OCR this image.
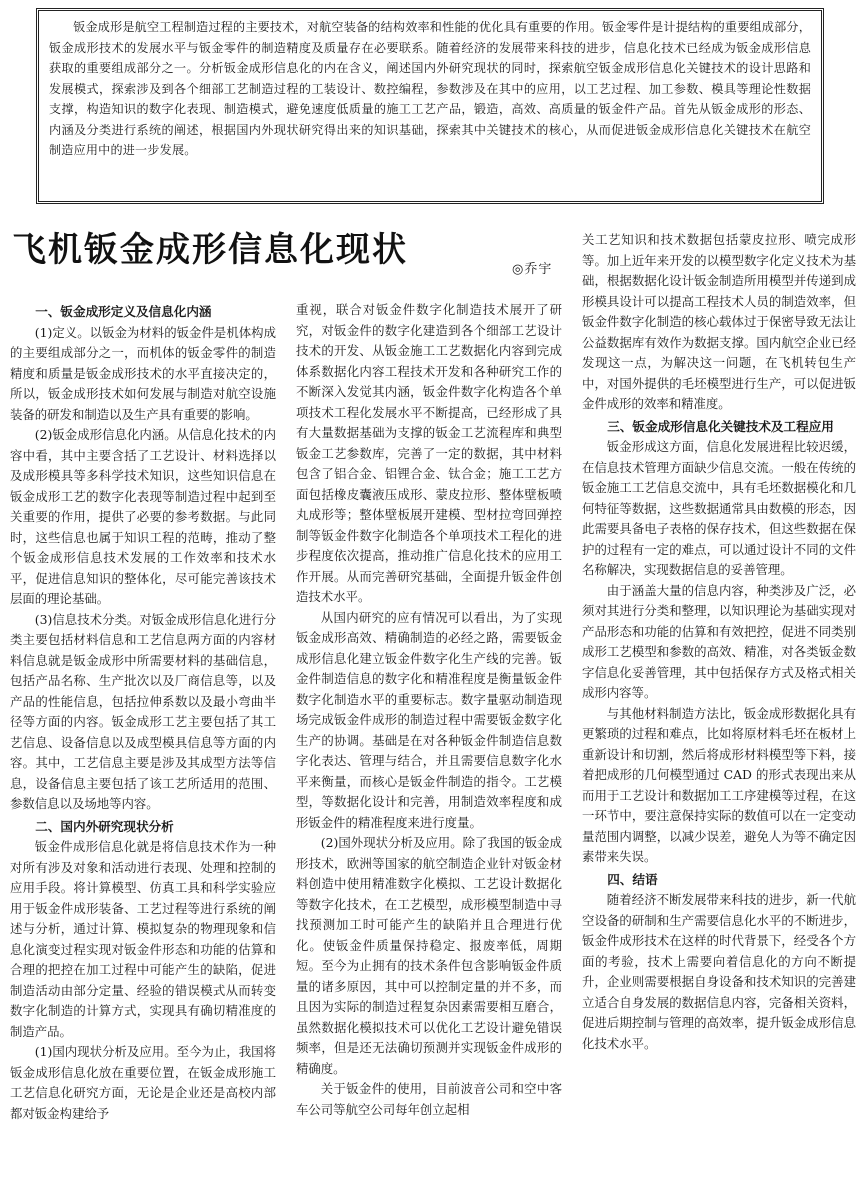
钣金成形是航空工程制造过程的主要技术，对航空装备的结构效率和性能的优化具有重要的作用。钣金零件是计提结构的重要组成部分，钣金成形技术的发展水平与钣金零件的制造精度及质量存在必要联系。随着经济的发展带来科技的进步，信息化技术已经成为钣金成形信息获取的重要组成部分之一。分析钣金成形信息化的内在含义，阐述国内外研究现状的同时，探索航空钣金成形信息化关键技术的设计思路和发展模式，探索涉及到各个细部工艺制造过程的工装设计、数控编程，参数涉及在其中的应用，以工艺过程、加工参数、模具等理论性数据支撑，构造知识的数字化表现、制造模式，避免速度低质量的施工工艺产品，锻造，高效、高质量的钣金件产品。首先从钣金成形的形态、内涵及分类进行系统的阐述，根据国内外现状研究得出来的知识基础，探索其中关键技术的核心，从而促进钣金成形信息化关键技术在航空制造应用中的进一步发展。
飞机钣金成形信息化现状	◎乔宇
一、钣金成形定义及信息化内涵

(1)定义。以钣金为材料的钣金件是机体构成的主要组成部分之一，而机体的钣金零件的制造精度和质量是钣金成形技术的水平直接决定的，所以，钣金成形技术如何发展与制造对航空设施装备的研发和制造以及生产具有重要的影响。

(2)钣金成形信息化内涵。从信息化技术的内容中看，其中主要含括了工艺设计、材料选择以及成形模具等多科学技术知识，这些知识信息在钣金成形工艺的数字化表现等制造过程中起到至关重要的作用，提供了必要的参考数据。与此同时，这些信息也属于知识工程的范畴，推动了整个钣金成形信息技术发展的工作效率和技术水平，促进信息知识的整体化，尽可能完善该技术层面的理论基础。

(3)信息技术分类。对钣金成形信息化进行分类主要包括材料信息和工艺信息两方面的内容材料信息就是钣金成形中所需要材料的基础信息，包括产品名称、生产批次以及厂商信息等，以及产品的性能信息，包括拉伸系数以及最小弯曲半径等方面的内容。钣金成形工艺主要包括了其工艺信息、设备信息以及成型模具信息等方面的内容。其中，工艺信息主要是涉及其成型方法等信息，设备信息主要包括了该工艺所适用的范围、参数信息以及场地等内容。

二、国内外研究现状分析

钣金件成形信息化就是将信息技术作为一种对所有涉及对象和活动进行表现、处理和控制的应用手段。将计算模型、仿真工具和科学实验应用于钣金件成形装备、工艺过程等进行系统的阐述与分析，通过计算、模拟复杂的物理现象和信息化演变过程实现对钣金件形态和功能的估算和合理的把控在加工过程中可能产生的缺陷，促进制造活动由部分定量、经验的错误模式从而转变数字化制造的计算方式，实现具有确切精准度的制造产品。

(1)国内现状分析及应用。至今为止，我国将钣金成形信息化放在重要位置，在钣金成形施工工艺信息化研究方面，无论是企业还是高校内部都对钣金构建给予

重视，联合对钣金件数字化制造技术展开了研究，对钣金件的数字化建造到各个细部工艺设计技术的开发、从钣金施工工艺数据化内容到完成体系数据化内容工程技术开发和各种研究工作的不断深入发觉其内涵，钣金件数字化构造各个单项技术工程化发展水平不断提高，已经形成了具有大量数据基础为支撑的钣金工艺流程库和典型钣金工艺参数库，完善了一定的数据，其中材料包含了铝合金、铝锂合金、钛合金；施工工艺方面包括橡皮囊液压成形、蒙皮拉形、整体壁板喷丸成形等；整体壁板展开建模、型材拉弯回弹控制等钣金件数字化制造各个单项技术工程化的进步程度依次提高，推动推广信息化技术的应用工作开展。从而完善研究基础，全面提升钣金件创造技术水平。

从国内研究的应有情况可以看出，为了实现钣金成形高效、精确制造的必经之路，需要钣金成形信息化建立钣金件数字化生产线的完善。钣金件制造信息的数字化和精准程度是衡量钣金件数字化制造水平的重要标志。数字量驱动制造现场完成钣金件成形的制造过程中需要钣金数字化生产的协调。基础是在对各种钣金件制造信息数字化表达、管理与结合，并且需要信息数字化水平来衡量，而核心是钣金件制造的指令。工艺模型，等数据化设计和完善，用制造效率程度和成形钣金件的精准程度来进行度量。

(2)国外现状分析及应用。除了我国的钣金成形技术，欧洲等国家的航空制造企业针对钣金材料创造中使用精准数字化模拟、工艺设计数据化等数字化技术，在工艺模型，成形模型制造中寻找预测加工时可能产生的缺陷并且合理进行优化。使钣金件质量保持稳定、报废率低，周期短。至今为止拥有的技术条件包含影响钣金件质量的诸多原因，其中可以控制定量的并不多，而且因为实际的制造过程复杂因素需要相互磨合，虽然数据化模拟技术可以优化工艺设计避免错误频率，但是还无法确切预测并实现钣金件成形的精确度。

关于钣金件的使用，目前波音公司和空中客车公司等航空公司每年创立起相

关工艺知识和技术数据包括蒙皮拉形、喷完成形等。加上近年来开发的以模型数字化定义技术为基础，根据数据化设计钣金制造所用模型并传递到成形模具设计可以提高工程技术人员的制造效率，但钣金件数字化制造的核心载体过于保密导致无法让公益数据库有效作为数据支撑。国内航空企业已经发现这一点，为解决这一问题，在飞机转包生产中，对国外提供的毛坯模型进行生产，可以促进钣金件成形的效率和精准度。

三、钣金成形信息化关键技术及工程应用

钣金形成这方面，信息化发展进程比较迟缓，在信息技术管理方面缺少信息交流。一般在传统的钣金施工工艺信息交流中，具有毛坯数据模化和几何特征等数据，这些数据通常具由数模的形态，因此需要具备电子表格的保存技术，但这些数据在保护的过程有一定的难点，可以通过设计不同的文件名称解决，实现数据信息的妥善管理。

由于涵盖大量的信息内容，种类涉及广泛，必须对其进行分类和整理，以知识理论为基础实现对产品形态和功能的估算和有效把控，促进不同类别成形工艺模型和参数的高效、精准，对各类钣金数字信息化妥善管理，其中包括保存方式及格式相关成形内容等。

与其他材料制造方法比，钣金成形数据化具有更繁琐的过程和难点，比如将原材料毛坯在板材上重新设计和切割，然后将成形材料模型等下料，接着把成形的几何模型通过 CAD 的形式表现出来从而用于工艺设计和数据加工工序建模等过程，在这一环节中，要注意保持实际的数值可以在一定变动量范围内调整，以减少误差，避免人为等不确定因素带来失误。

四、结语

随着经济不断发展带来科技的进步，新一代航空设备的研制和生产需要信息化水平的不断进步，钣金件成形技术在这样的时代背景下，经受各个方面的考验，技术上需要向着信息化的方向不断提升，企业则需要根据自身设备和技术知识的完善建立适合自身发展的数据信息内容，完备相关资料，促进后期控制与管理的高效率，提升钣金成形信息化技术水平。
